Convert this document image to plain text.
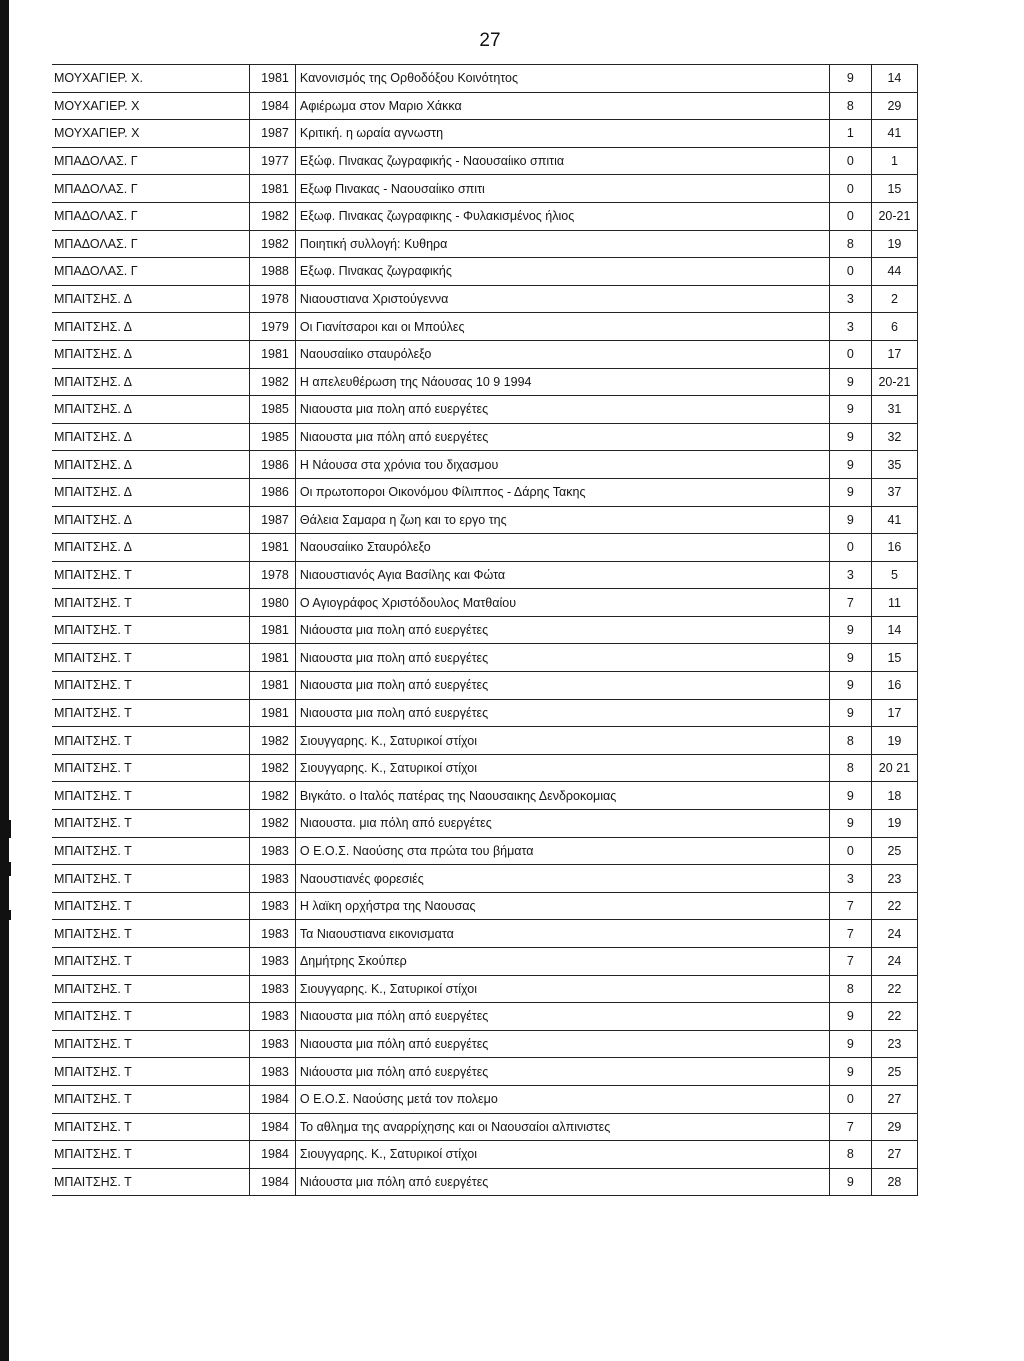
27
ΜΟΥΧΑΓΙΕΡ. Χ.	1981	Κανονισμός της Ορθοδόξου Κοινότητος	9	14
ΜΟΥΧΑΓΙΕΡ. Χ	1984	Αφιέρωμα στον Μαριο Χάκκα	8	29
ΜΟΥΧΑΓΙΕΡ. Χ	1987	Κριτική. η ωραία αγνωστη	1	41
ΜΠΑΔΟΛΑΣ. Γ	1977	Εξώφ. Πινακας ζωγραφικής - Ναουσαίικο σπιτια	0	1
ΜΠΑΔΟΛΑΣ. Γ	1981	Εξωφ Πινακας - Ναουσαίικο σπιτι	0	15
ΜΠΑΔΟΛΑΣ. Γ	1982	Εξωφ. Πινακας ζωγραφικης - Φυλακισμένος ήλιος	0	20-21
ΜΠΑΔΟΛΑΣ. Γ	1982	Ποιητική συλλογή: Κυθηρα	8	19
ΜΠΑΔΟΛΑΣ. Γ	1988	Εξωφ. Πινακας ζωγραφικής	0	44
ΜΠΑΙΤΣΗΣ. Δ	1978	Νιαουστιανα Χριστούγεννα	3	2
ΜΠΑΙΤΣΗΣ. Δ	1979	Οι Γιανίτσαροι και οι Μπούλες	3	6
ΜΠΑΙΤΣΗΣ. Δ	1981	Ναουσαίικο σταυρόλεξο	0	17
ΜΠΑΙΤΣΗΣ. Δ	1982	Η απελευθέρωση της Νάουσας 10 9 1994	9	20-21
ΜΠΑΙΤΣΗΣ. Δ	1985	Νιαουστα μια πολη από ευεργέτες	9	31
ΜΠΑΙΤΣΗΣ. Δ	1985	Νιαουστα μια πόλη από ευεργέτες	9	32
ΜΠΑΙΤΣΗΣ. Δ	1986	Η Νάουσα στα χρόνια του διχασμου	9	35
ΜΠΑΙΤΣΗΣ. Δ	1986	Οι πρωτοποροι Οικονόμου Φίλιππος - Δάρης Τακης	9	37
ΜΠΑΙΤΣΗΣ. Δ	1987	Θάλεια Σαμαρα η ζωη και το εργο της	9	41
ΜΠΑΙΤΣΗΣ. Δ	1981	Ναουσαίικο Σταυρόλεξο	0	16
ΜΠΑΙΤΣΗΣ. Τ	1978	Νιαουστιανός Αγια Βασίλης και Φώτα	3	5
ΜΠΑΙΤΣΗΣ. Τ	1980	Ο Αγιογράφος Χριστόδουλος Ματθαίου	7	11
ΜΠΑΙΤΣΗΣ. Τ	1981	Νιάουστα μια πολη από ευεργέτες	9	14
ΜΠΑΙΤΣΗΣ. Τ	1981	Νιαουστα μια πολη από ευεργέτες	9	15
ΜΠΑΙΤΣΗΣ. Τ	1981	Νιαουστα μια πολη από ευεργέτες	9	16
ΜΠΑΙΤΣΗΣ. Τ	1981	Νιαουστα μια πολη από ευεργέτες	9	17
ΜΠΑΙΤΣΗΣ. Τ	1982	Σιουγγαρης. Κ., Σατυρικοί στίχοι	8	19
ΜΠΑΙΤΣΗΣ. Τ	1982	Σιουγγαρης. Κ., Σατυρικοί στίχοι	8	20 21
ΜΠΑΙΤΣΗΣ. Τ	1982	Βιγκάτο. ο Ιταλός πατέρας της Ναουσαικης Δενδροκομιας	9	18
ΜΠΑΙΤΣΗΣ. Τ	1982	Νιαουστα. μια πόλη από ευεργέτες	9	19
ΜΠΑΙΤΣΗΣ. Τ	1983	Ο Ε.Ο.Σ. Ναούσης στα πρώτα του βήματα	0	25
ΜΠΑΙΤΣΗΣ. Τ	1983	Ναουστιανές φορεσιές	3	23
ΜΠΑΙΤΣΗΣ. Τ	1983	Η λαϊκη ορχήστρα της Ναουσας	7	22
ΜΠΑΙΤΣΗΣ. Τ	1983	Τα Νιαουστιανα εικονισματα	7	24
ΜΠΑΙΤΣΗΣ. Τ	1983	Δημήτρης Σκούπερ	7	24
ΜΠΑΙΤΣΗΣ. Τ	1983	Σιουγγαρης. Κ., Σατυρικοί στίχοι	8	22
ΜΠΑΙΤΣΗΣ. Τ	1983	Νιαουστα μια πόλη από ευεργέτες	9	22
ΜΠΑΙΤΣΗΣ. Τ	1983	Νιαουστα μια πόλη από ευεργέτες	9	23
ΜΠΑΙΤΣΗΣ. Τ	1983	Νιάουστα μια πόλη από ευεργέτες	9	25
ΜΠΑΙΤΣΗΣ. Τ	1984	Ο Ε.Ο.Σ. Ναούσης μετά τον πολεμο	0	27
ΜΠΑΙΤΣΗΣ. Τ	1984	Το αθλημα της αναρρίχησης και οι Ναουσαίοι αλπινιστες	7	29
ΜΠΑΙΤΣΗΣ. Τ	1984	Σιουγγαρης. Κ., Σατυρικοί στίχοι	8	27
ΜΠΑΙΤΣΗΣ. Τ	1984	Νιάουστα μια πόλη από ευεργέτες	9	28
